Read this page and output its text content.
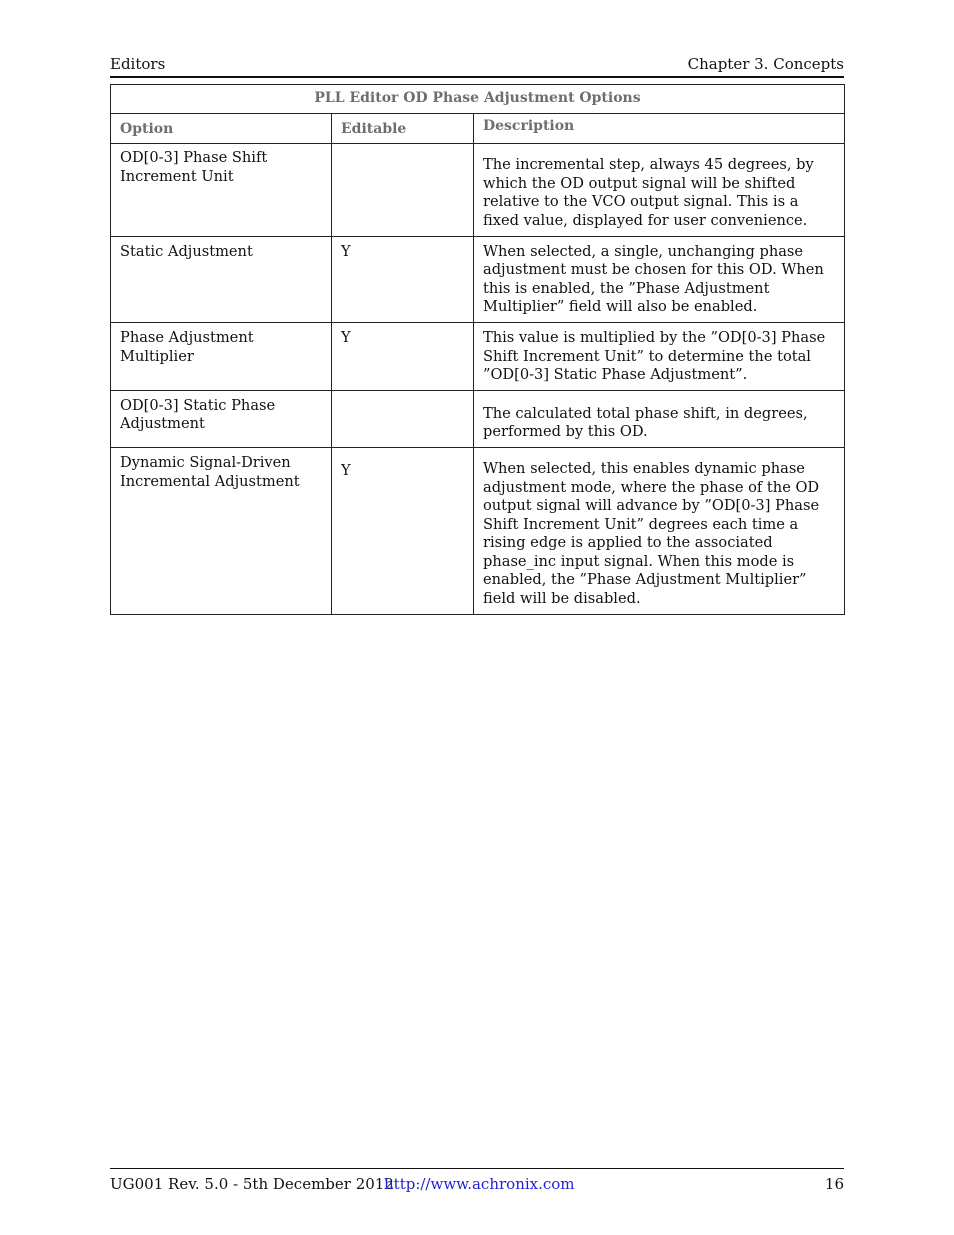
Editors	Chapter 3. Concepts
PLL Editor OD Phase Adjustment Options		
Option	Editable	Description
OD[0-3] Phase Shift Increment Unit		The incremental step, always 45 degrees, by which the OD output signal will be shifted relative to the VCO output signal. This is a fixed value, displayed for user convenience.
Static Adjustment	Y	When selected, a single, unchanging phase adjustment must be chosen for this OD. When this is enabled, the ”Phase Adjustment Multiplier” field will also be enabled.
Phase Adjustment Multiplier	Y	This value is multiplied by the ”OD[0-3] Phase Shift Increment Unit” to determine the total ”OD[0-3] Static Phase Adjustment”.
OD[0-3] Static Phase Adjustment		The calculated total phase shift, in degrees, performed by this OD.
Dynamic Signal-Driven Incremental Adjustment	Y	When selected, this enables dynamic phase adjustment mode, where the phase of the OD output signal will advance by ”OD[0-3] Phase Shift Increment Unit” degrees each time a rising edge is applied to the associated phase_inc input signal. When this mode is enabled, the ”Phase Adjustment Multiplier” field will be disabled.
UG001 Rev. 5.0 - 5th December 2012
http://www.achronix.com	16
